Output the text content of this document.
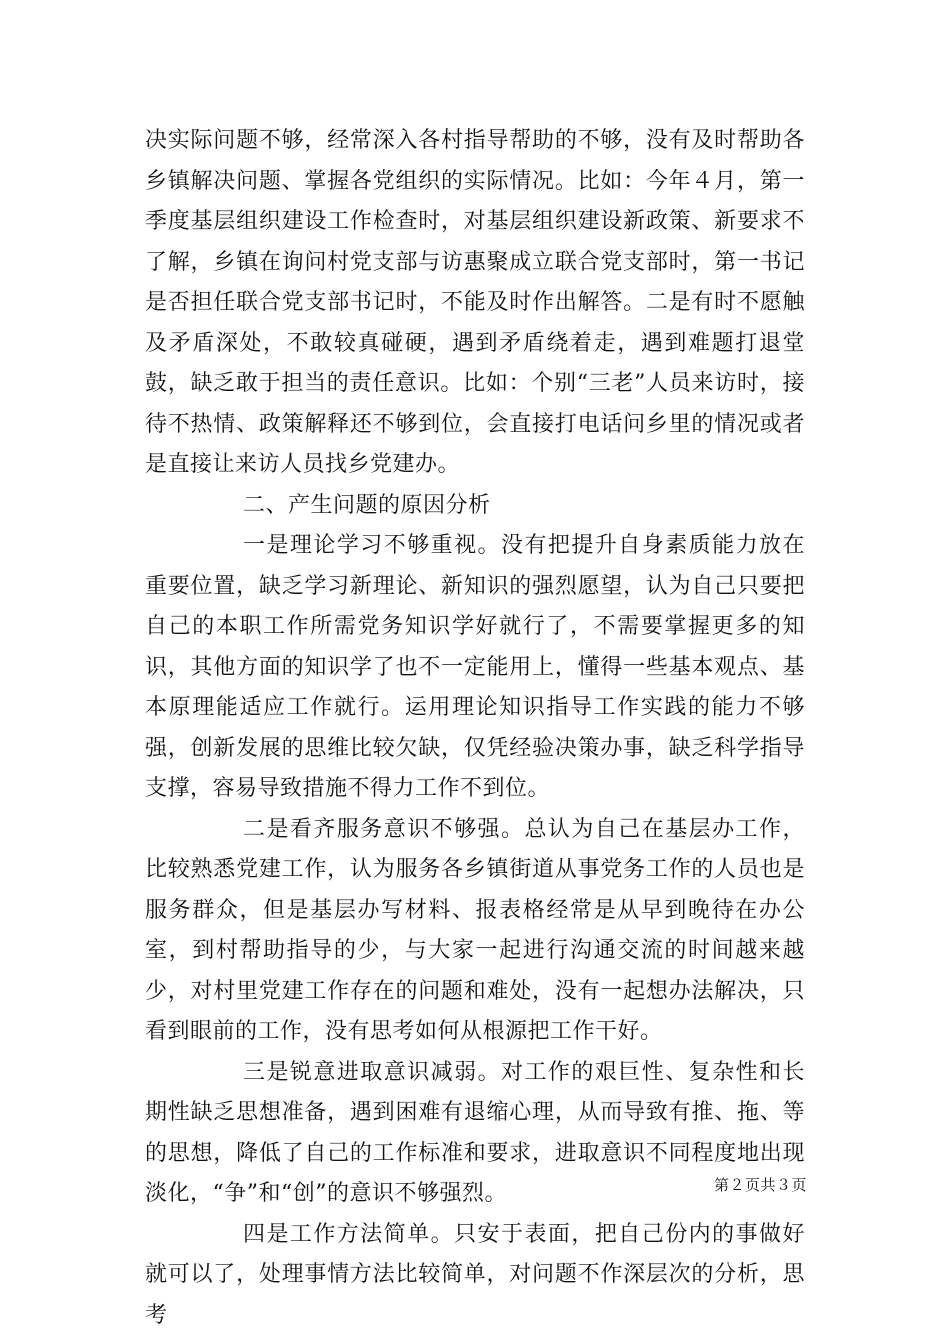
决实际问题不够，经常深入各村指导帮助的不够，没有及时帮助各乡镇解决问题、掌握各党组织的实际情况。比如：今年４月，第一季度基层组织建设工作检查时，对基层组织建设新政策、新要求不了解，乡镇在询问村党支部与访惠聚成立联合党支部时，第一书记是否担任联合党支部书记时，不能及时作出解答。二是有时不愿触及矛盾深处，不敢较真碰硬，遇到矛盾绕着走，遇到难题打退堂鼓，缺乏敢于担当的责任意识。比如：个别“三老”人员来访时，接待不热情、政策解释还不够到位，会直接打电话问乡里的情况或者是直接让来访人员找乡党建办。

二、产生问题的原因分析

一是理论学习不够重视。没有把提升自身素质能力放在重要位置，缺乏学习新理论、新知识的强烈愿望，认为自己只要把自己的本职工作所需党务知识学好就行了，不需要掌握更多的知识，其他方面的知识学了也不一定能用上，懂得一些基本观点、基本原理能适应工作就行。运用理论知识指导工作实践的能力不够强，创新发展的思维比较欠缺，仅凭经验决策办事，缺乏科学指导支撑，容易导致措施不得力工作不到位。

二是看齐服务意识不够强。总认为自己在基层办工作，比较熟悉党建工作，认为服务各乡镇街道从事党务工作的人员也是服务群众，但是基层办写材料、报表格经常是从早到晚待在办公室，到村帮助指导的少，与大家一起进行沟通交流的时间越来越少，对村里党建工作存在的问题和难处，没有一起想办法解决，只看到眼前的工作，没有思考如何从根源把工作干好。

三是锐意进取意识减弱。对工作的艰巨性、复杂性和长期性缺乏思想准备，遇到困难有退缩心理，从而导致有推、拖、等的思想，降低了自己的工作标准和要求，进取意识不同程度地出现淡化，“争”和“创”的意识不够强烈。

四是工作方法简单。只安于表面，把自己份内的事做好就可以了，处理事情方法比较简单，对问题不作深层次的分析，思考

第２页共３页
